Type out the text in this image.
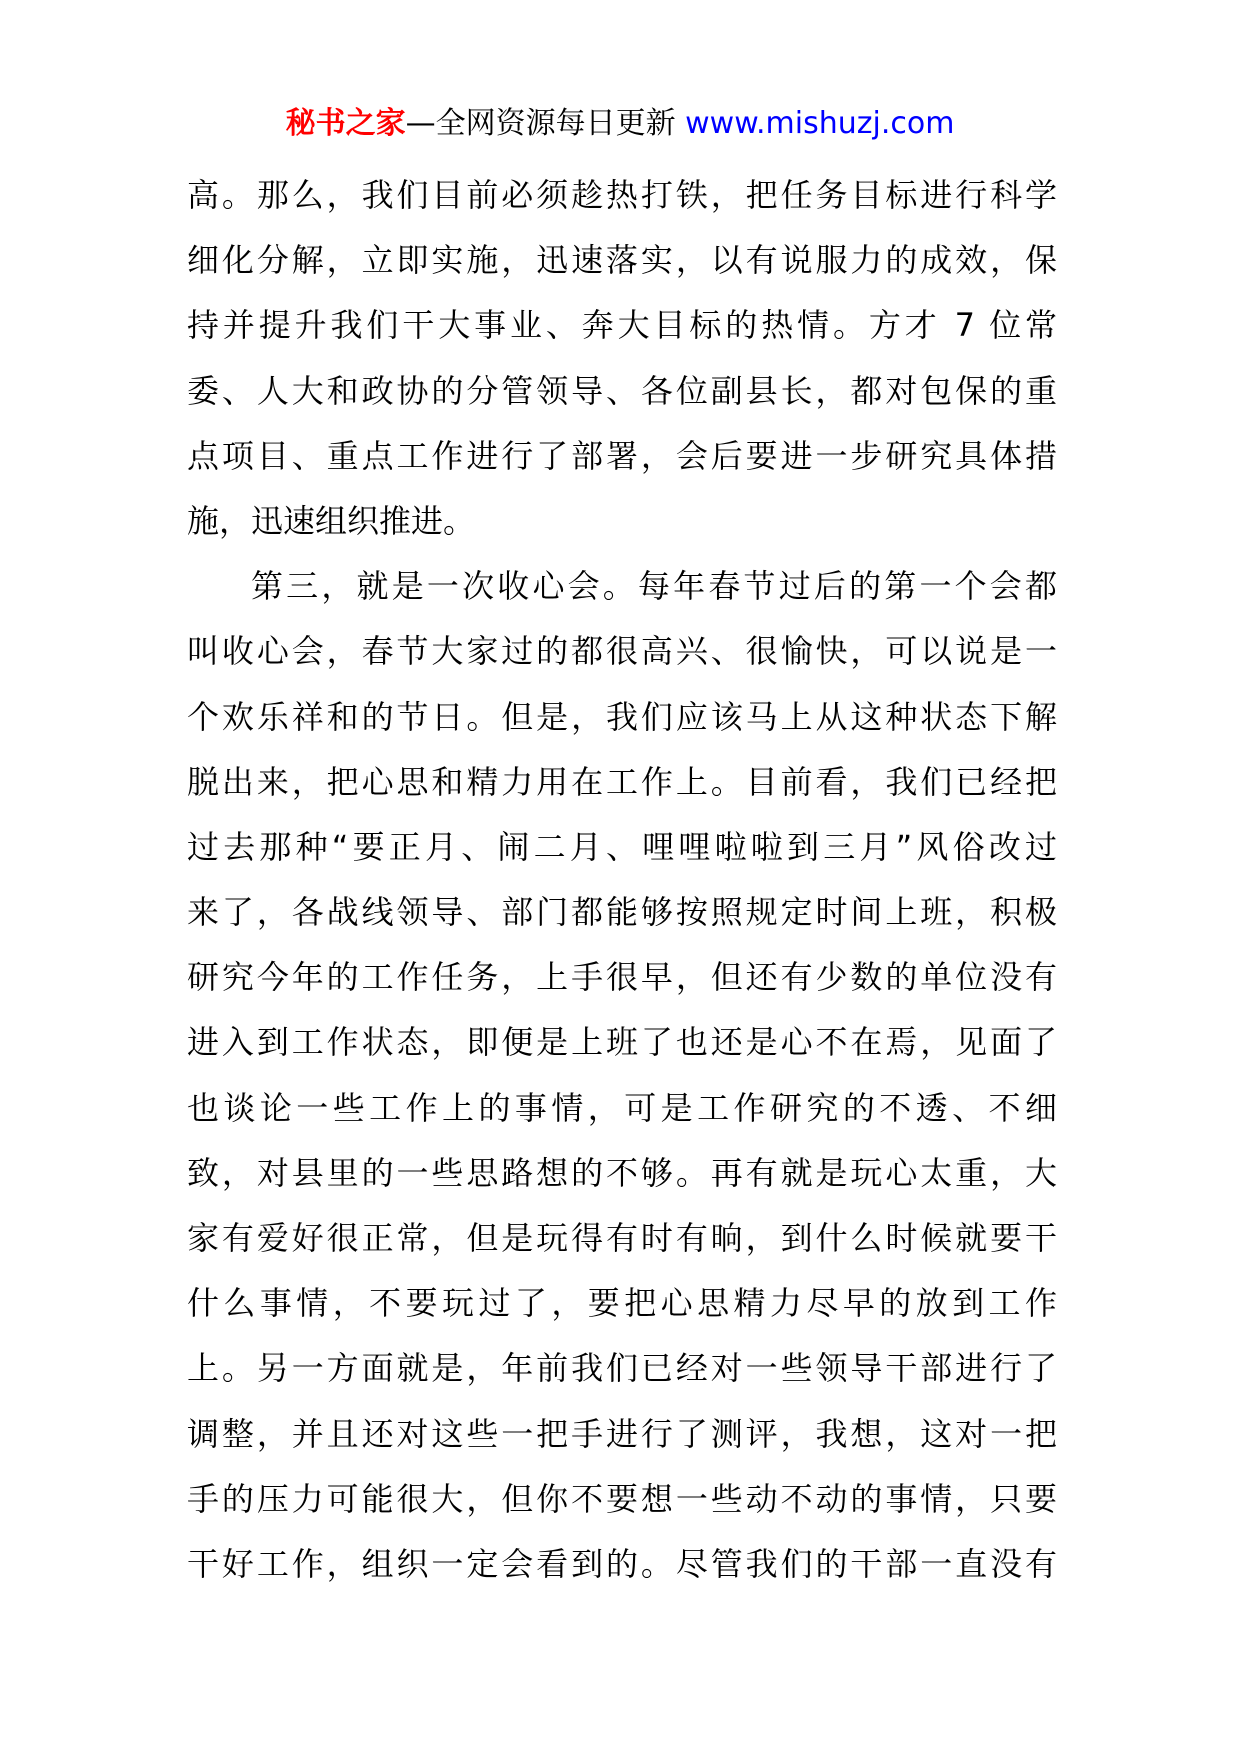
秘书之家—全网资源每日更新 www.mishuzj.com
高。那么，我们目前必须趁热打铁，把任务目标进行科学
细化分解，立即实施，迅速落实，以有说服力的成效，保
持并提升我们干大事业、奔大目标的热情。方才 7 位常
委、人大和政协的分管领导、各位副县长，都对包保的重
点项目、重点工作进行了部署，会后要进一步研究具体措
施，迅速组织推进。
第三，就是一次收心会。每年春节过后的第一个会都
叫收心会，春节大家过的都很高兴、很愉快，可以说是一
个欢乐祥和的节日。但是，我们应该马上从这种状态下解
脱出来，把心思和精力用在工作上。目前看，我们已经把
过去那种“要正月、闹二月、哩哩啦啦到三月”风俗改过
来了，各战线领导、部门都能够按照规定时间上班，积极
研究今年的工作任务，上手很早，但还有少数的单位没有
进入到工作状态，即便是上班了也还是心不在焉，见面了
也谈论一些工作上的事情，可是工作研究的不透、不细
致，对县里的一些思路想的不够。再有就是玩心太重，大
家有爱好很正常，但是玩得有时有晌，到什么时候就要干
什么事情，不要玩过了，要把心思精力尽早的放到工作
上。另一方面就是，年前我们已经对一些领导干部进行了
调整，并且还对这些一把手进行了测评，我想，这对一把
手的压力可能很大，但你不要想一些动不动的事情，只要
干好工作，组织一定会看到的。尽管我们的干部一直没有
